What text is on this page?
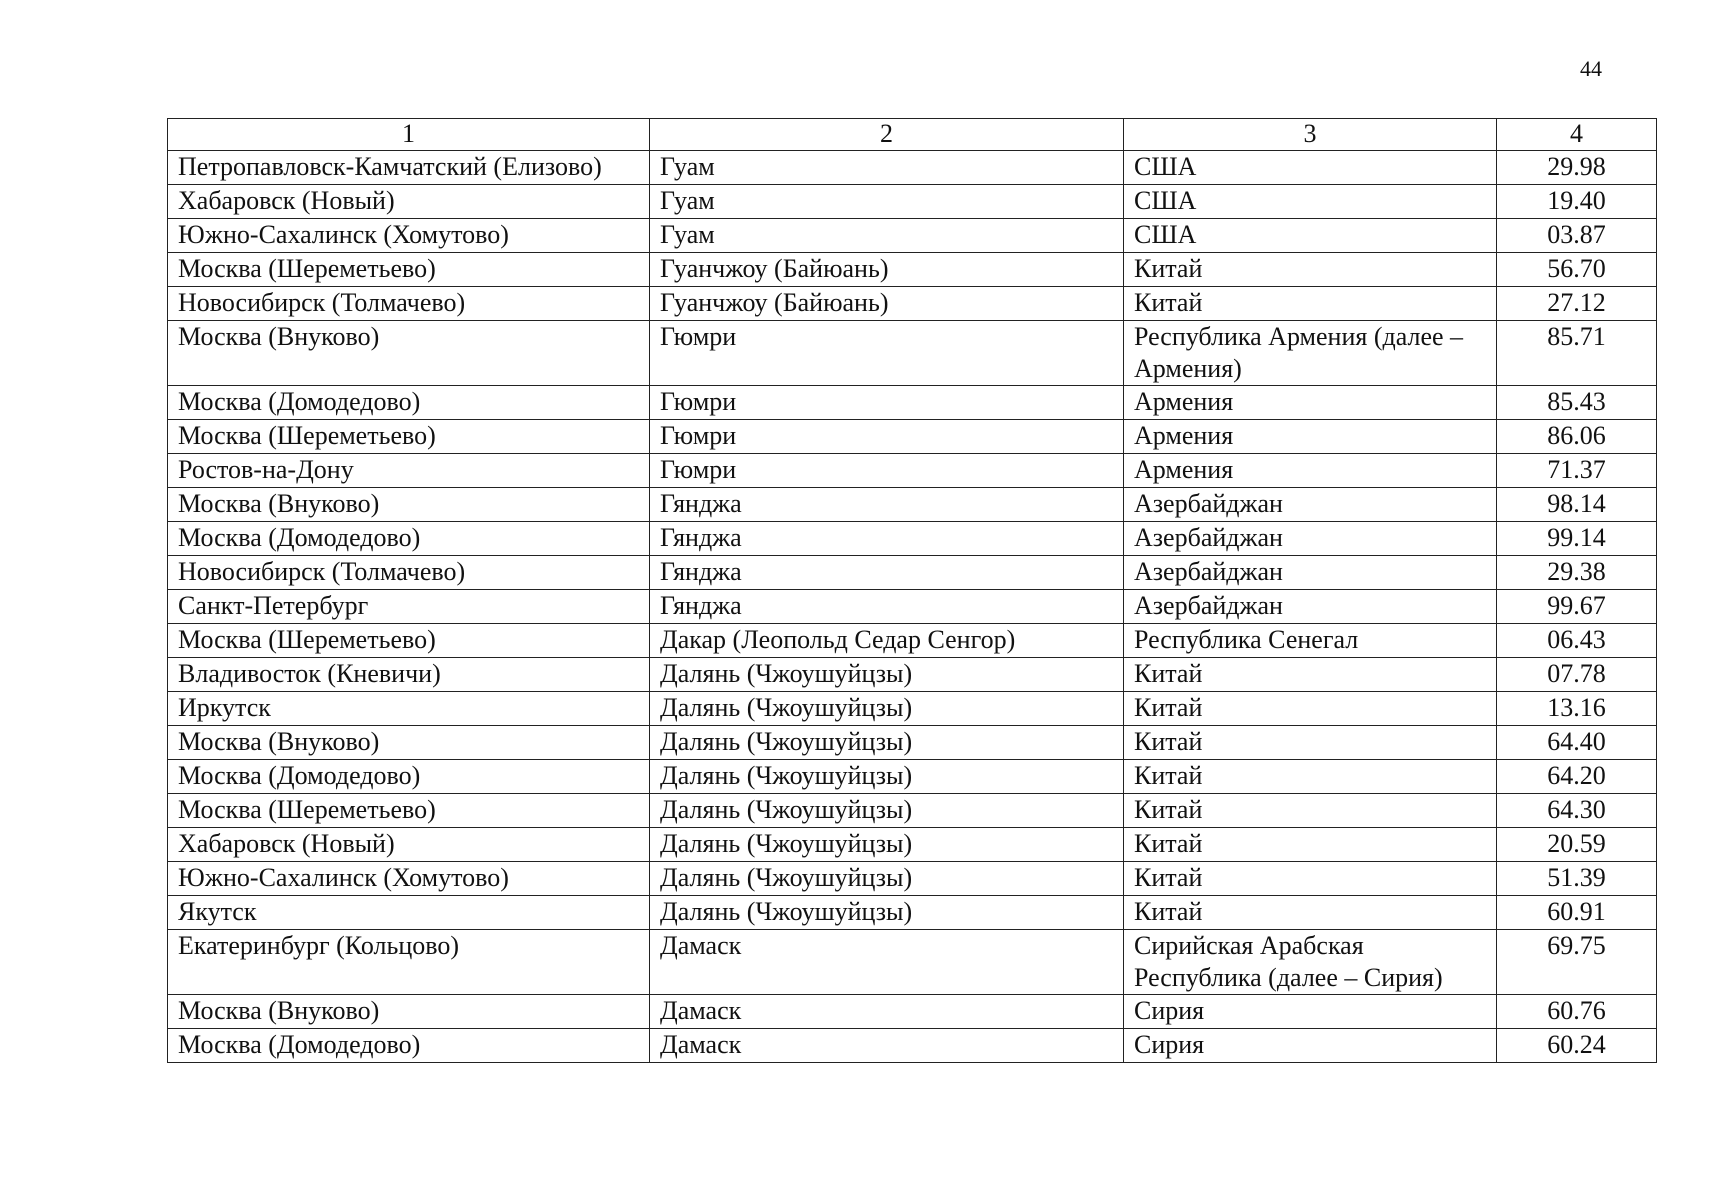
44
1	2	3	4
Петропавловск-Камчатский (Елизово)	Гуам	США	29.98
Хабаровск (Новый)	Гуам	США	19.40
Южно-Сахалинск (Хомутово)	Гуам	США	03.87
Москва (Шереметьево)	Гуанчжоу (Байюань)	Китай	56.70
Новосибирск (Толмачево)	Гуанчжоу (Байюань)	Китай	27.12
Москва (Внуково)	Гюмри	Республика Армения (далее – Армения)	85.71
Москва (Домодедово)	Гюмри	Армения	85.43
Москва (Шереметьево)	Гюмри	Армения	86.06
Ростов-на-Дону	Гюмри	Армения	71.37
Москва (Внуково)	Гянджа	Азербайджан	98.14
Москва (Домодедово)	Гянджа	Азербайджан	99.14
Новосибирск (Толмачево)	Гянджа	Азербайджан	29.38
Санкт-Петербург	Гянджа	Азербайджан	99.67
Москва (Шереметьево)	Дакар (Леопольд Седар Сенгор)	Республика Сенегал	06.43
Владивосток (Кневичи)	Далянь (Чжоушуйцзы)	Китай	07.78
Иркутск	Далянь (Чжоушуйцзы)	Китай	13.16
Москва (Внуково)	Далянь (Чжоушуйцзы)	Китай	64.40
Москва (Домодедово)	Далянь (Чжоушуйцзы)	Китай	64.20
Москва (Шереметьево)	Далянь (Чжоушуйцзы)	Китай	64.30
Хабаровск (Новый)	Далянь (Чжоушуйцзы)	Китай	20.59
Южно-Сахалинск (Хомутово)	Далянь (Чжоушуйцзы)	Китай	51.39
Якутск	Далянь (Чжоушуйцзы)	Китай	60.91
Екатеринбург (Кольцово)	Дамаск	Сирийская Арабская Республика (далее – Сирия)	69.75
Москва (Внуково)	Дамаск	Сирия	60.76
Москва (Домодедово)	Дамаск	Сирия	60.24
